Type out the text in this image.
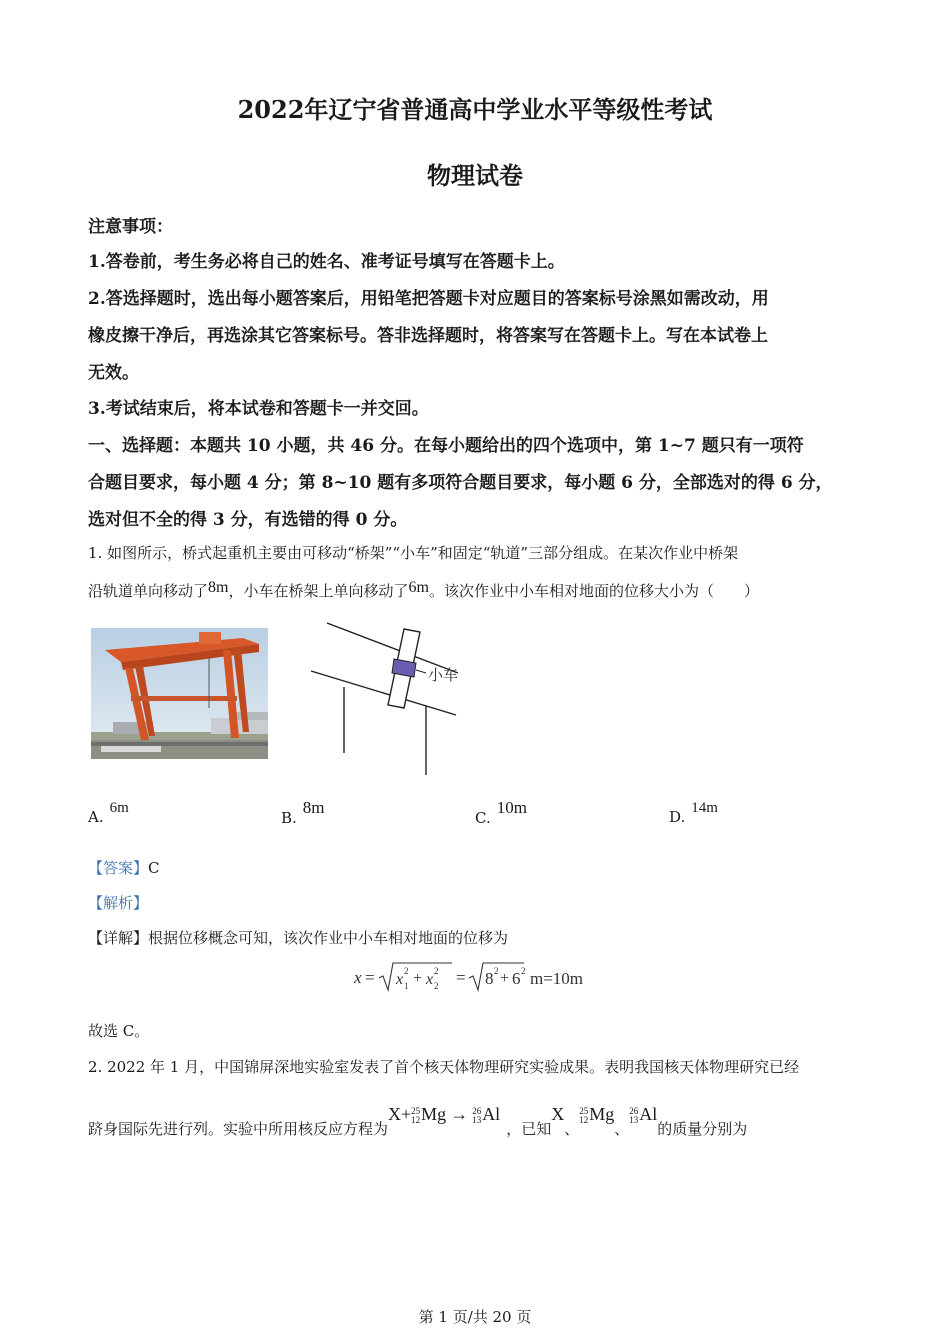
2022年辽宁省普通高中学业水平等级性考试
物理试卷
注意事项：
1.答卷前，考生务必将自己的姓名、准考证号填写在答题卡上。
2.答选择题时，选出每小题答案后，用铅笔把答题卡对应题目的答案标号涂黑如需改动，用
橡皮擦干净后，再选涂其它答案标号。答非选择题时，将答案写在答题卡上。写在本试卷上
无效。
3.考试结束后，将本试卷和答题卡一并交回。
一、选择题：本题共 10 小题，共 46 分。在每小题给出的四个选项中，第 1~7 题只有一项符
合题目要求，每小题 4 分；第 8~10 题有多项符合题目要求，每小题 6 分，全部选对的得 6 分，
选对但不全的得 3 分，有选错的得 0 分。
1. 如图所示，桥式起重机主要由可移动“桥架”“小车”和固定“轨道”三部分组成。在某次作业中桥架
沿轨道单向移动了8m，小车在桥架上单向移动了6m。该次作业中小车相对地面的位移大小为（　　）
小车
A. 6m
B.8m
C.10m	D. 14m
【答案】C
【解析】
【详解】根据位移概念可知，该次作业中小车相对地面的位移为
x = x 1
2 + x 2
2 = 8 2 + 6 2 m=10m
故选 C。
2. 2022 年 1 月，中国锦屏深地实验室发表了首个核天体物理研究实验成果。表明我国核天体物理研究已经
跻身国际先进行列。实验中所用核反应方程为X+25
12Mg → 26
13Al，已知X、25
12Mg、26
13Al的质量分别为
第 1 页/共 20 页
